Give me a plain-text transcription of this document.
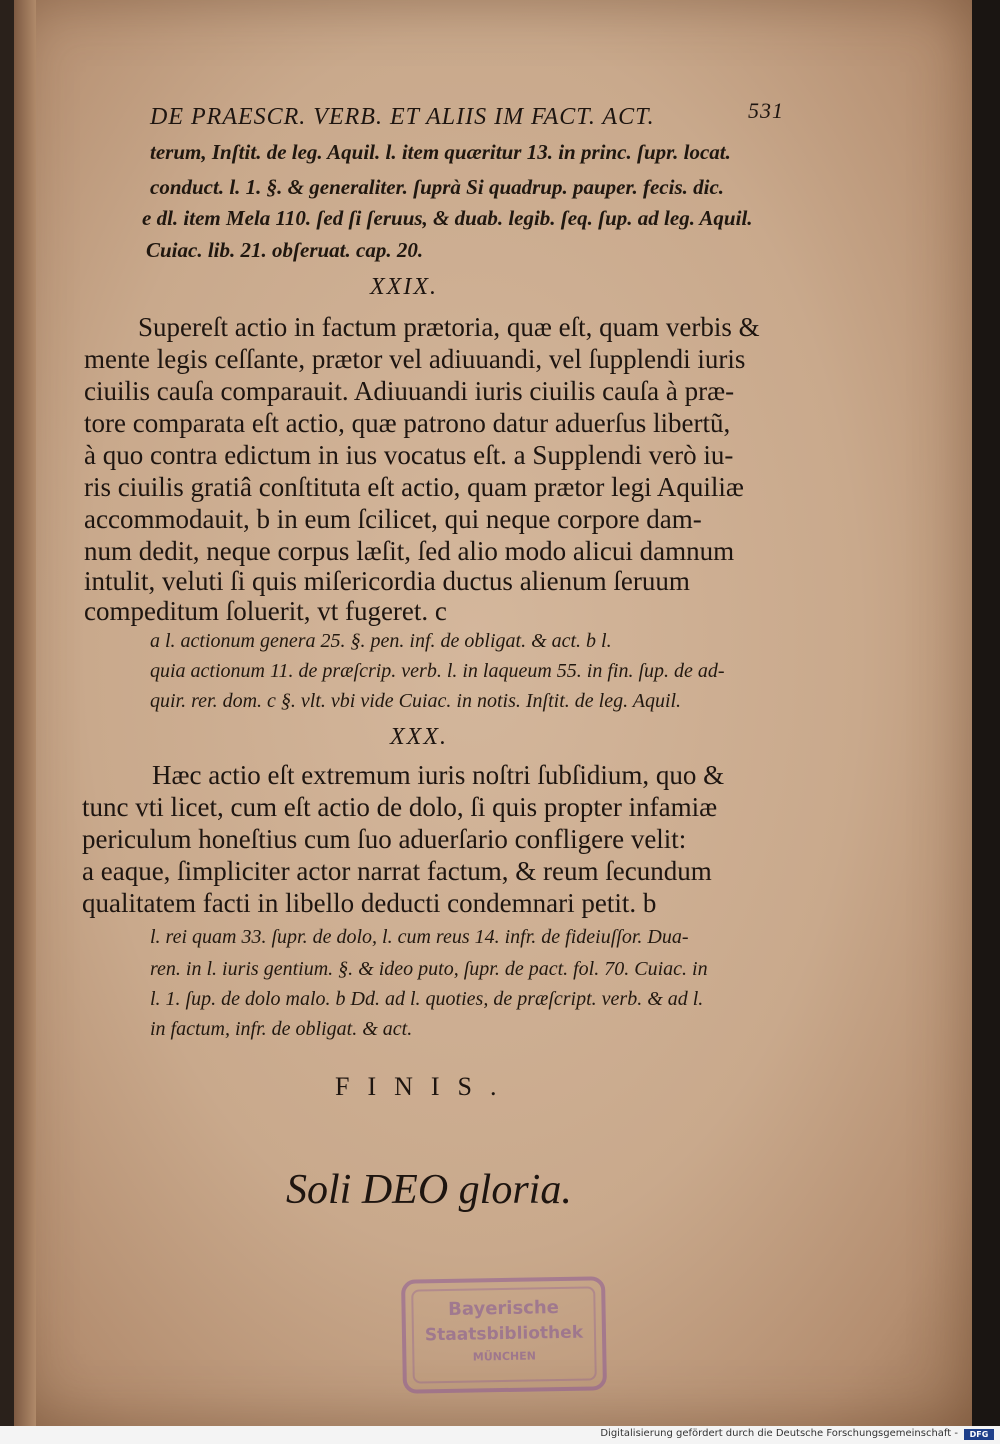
DE PRAESCR. VERB. ET ALIIS IM FACT. ACT.	531
terum, Inſtit. de leg. Aquil. l. item quæritur 13. in princ. ſupr. locat.
conduct. l. 1. §. & generaliter. ſuprà Si quadrup. pauper. fecis. dic.
e dl. item Mela 110. ſed ſi ſeruus, & duab. legib. ſeq. ſup. ad leg. Aquil.
Cuiac. lib. 21. obſeruat. cap. 20.
XXIX.
Supereſt actio in factum prætoria, quæ eſt, quam verbis &
mente legis ceſſante, prætor vel adiuuandi, vel ſupplendi iuris
ciuilis cauſa comparauit. Adiuuandi iuris ciuilis cauſa à præ-
tore comparata eſt actio, quæ patrono datur aduerſus libertũ,
à quo contra edictum in ius vocatus eſt. a Supplendi verò iu-
ris ciuilis gratiâ conſtituta eſt actio, quam prætor legi Aquiliæ
accommodauit, b in eum ſcilicet, qui neque corpore dam-
num dedit, neque corpus læſit, ſed alio modo alicui damnum
intulit, veluti ſi quis miſericordia ductus alienum ſeruum
compeditum ſoluerit, vt fugeret. c
a l. actionum genera 25. §. pen. inf. de obligat. & act. b l.
quia actionum 11. de præſcrip. verb. l. in laqueum 55. in fin. ſup. de ad-
quir. rer. dom. c §. vlt. vbi vide Cuiac. in notis. Inſtit. de leg. Aquil.
XXX.
Hæc actio eſt extremum iuris noſtri ſubſidium, quo &
tunc vti licet, cum eſt actio de dolo, ſi quis propter infamiæ
periculum honeſtius cum ſuo aduerſario confligere velit:
a eaque, ſimpliciter actor narrat factum, & reum ſecundum
qualitatem facti in libello deducti condemnari petit. b
l. rei quam 33. ſupr. de dolo, l. cum reus 14. infr. de fideiuſſor. Dua-
ren. in l. iuris gentium. §. & ideo puto, ſupr. de pact. fol. 70. Cuiac. in
l. 1. ſup. de dolo malo. b Dd. ad l. quoties, de præſcript. verb. & ad l.
in factum, infr. de obligat. & act.
FINIS.
Soli DEO gloria.
Bayerische
Staatsbibliothek
MÜNCHEN
Digitalisierung gefördert durch die Deutsche Forschungsgemeinschaft -	DFG
